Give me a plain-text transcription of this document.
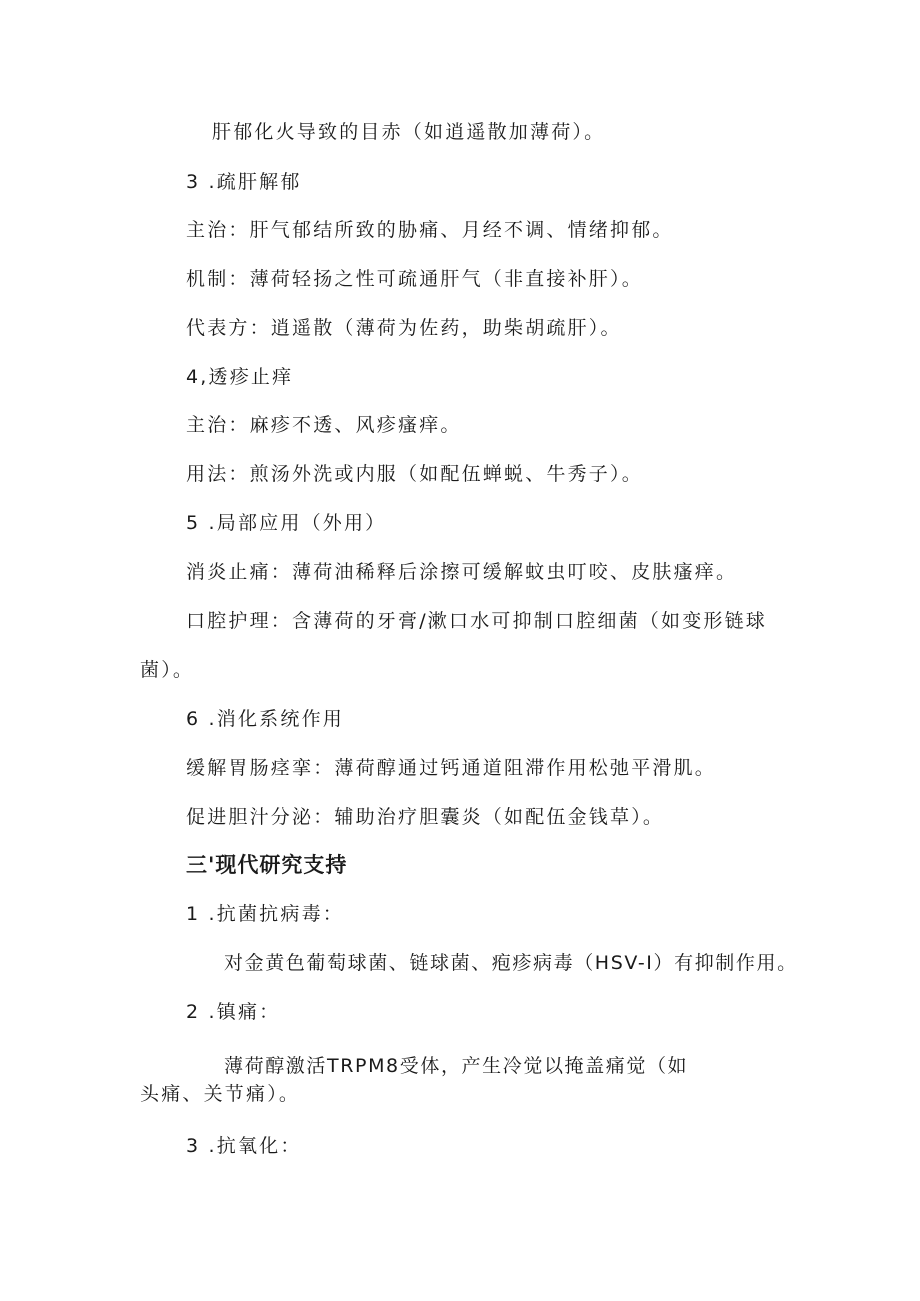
肝郁化火导致的目赤（如逍遥散加薄荷）。
3 .疏肝解郁
主治：肝气郁结所致的胁痛、月经不调、情绪抑郁。
机制：薄荷轻扬之性可疏通肝气（非直接补肝）。
代表方：逍遥散（薄荷为佐药，助柴胡疏肝）。
4,透疹止痒
主治：麻疹不透、风疹瘙痒。
用法：煎汤外洗或内服（如配伍蝉蜕、牛秀子）。
5 .局部应用（外用）
消炎止痛：薄荷油稀释后涂擦可缓解蚊虫叮咬、皮肤瘙痒。
口腔护理：含薄荷的牙膏/漱口水可抑制口腔细菌（如变形链球
菌）。
6 .消化系统作用
缓解胃肠痉挛：薄荷醇通过钙通道阻滞作用松弛平滑肌。
促进胆汁分泌：辅助治疗胆囊炎（如配伍金钱草）。
三'现代研究支持
1 .抗菌抗病毒：
对金黄色葡萄球菌、链球菌、疱疹病毒（HSV-I）有抑制作用。
2 .镇痛：
薄荷醇激活TRPM8受体，产生冷觉以掩盖痛觉（如
头痛、关节痛）。
3 .抗氧化：
